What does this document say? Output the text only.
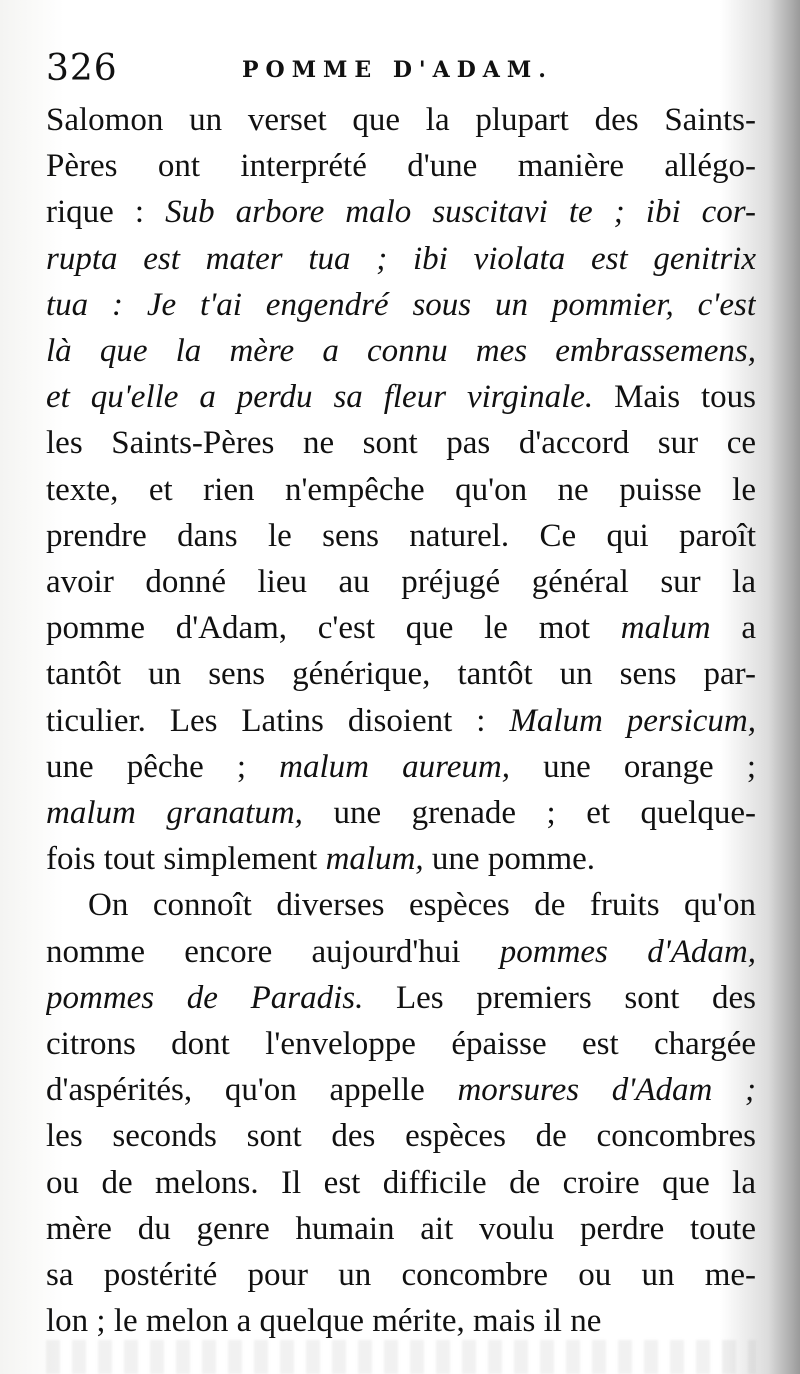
326	POMME D'ADAM.
Salomon un verset que la plupart des Saints-
Pères ont interprété d'une manière allégo-
rique : Sub arbore malo suscitavi te ; ibi cor-
rupta est mater tua ; ibi violata est genitrix
tua : Je t'ai engendré sous un pommier, c'est
là que la mère a connu mes embrassemens,
et qu'elle a perdu sa fleur virginale. Mais tous
les Saints-Pères ne sont pas d'accord sur ce
texte, et rien n'empêche qu'on ne puisse le
prendre dans le sens naturel. Ce qui paroît
avoir donné lieu au préjugé général sur la
pomme d'Adam, c'est que le mot malum a
tantôt un sens générique, tantôt un sens par-
ticulier. Les Latins disoient : Malum persicum,
une pêche ; malum aureum, une orange ;
malum granatum, une grenade ; et quelque-
fois tout simplement malum, une pomme.
On connoît diverses espèces de fruits qu'on
nomme encore aujourd'hui pommes d'Adam,
pommes de Paradis. Les premiers sont des
citrons dont l'enveloppe épaisse est chargée
d'aspérités, qu'on appelle morsures d'Adam ;
les seconds sont des espèces de concombres
ou de melons. Il est difficile de croire que la
mère du genre humain ait voulu perdre toute
sa postérité pour un concombre ou un me-
lon ; le melon a quelque mérite, mais il ne
